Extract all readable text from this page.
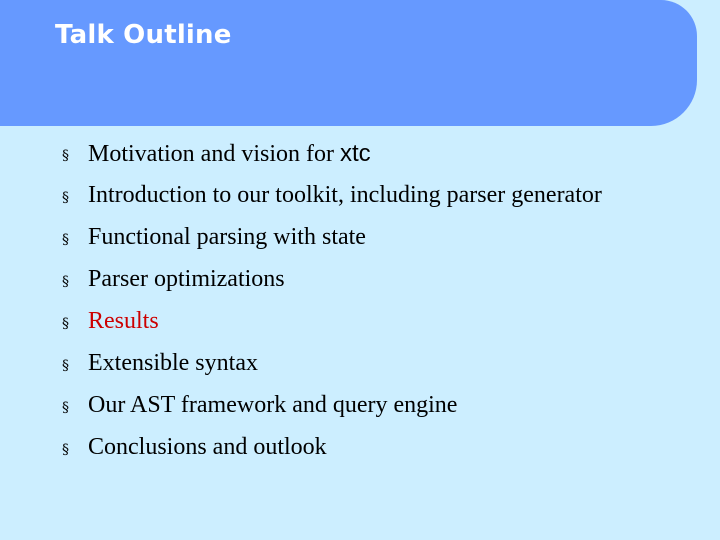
Talk Outline
§ Motivation and vision for xtc
§ Introduction to our toolkit, including parser generator
§ Functional parsing with state
§ Parser optimizations
§ Results
§ Extensible syntax
§ Our AST framework and query engine
§ Conclusions and outlook
